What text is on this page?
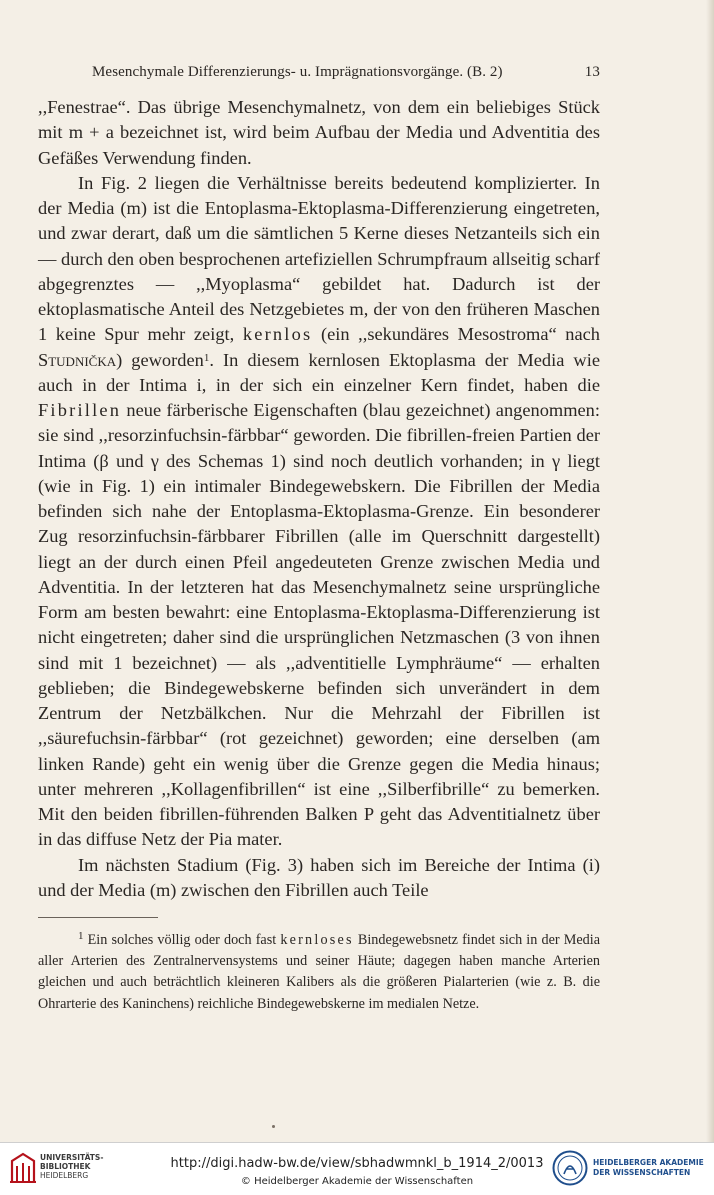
Mesenchymale Differenzierungs- u. Imprägnationsvorgänge. (B. 2)	13

,,Fenestrae“. Das übrige Mesenchymalnetz, von dem ein beliebiges Stück mit m + a bezeichnet ist, wird beim Aufbau der Media und Adventitia des Gefäßes Verwendung finden.

In Fig. 2 liegen die Verhältnisse bereits bedeutend komplizierter. In der Media (m) ist die Entoplasma-Ektoplasma-Differenzierung eingetreten, und zwar derart, daß um die sämtlichen 5 Kerne dieses Netzanteils sich ein — durch den oben besprochenen artefiziellen Schrumpfraum allseitig scharf abgegrenztes — ,,Myoplasma“ gebildet hat. Dadurch ist der ektoplasmatische Anteil des Netzgebietes m, der von den früheren Maschen 1 keine Spur mehr zeigt, kernlos (ein ,,sekundäres Mesostroma“ nach Studnička) geworden$^1$. In diesem kernlosen Ektoplasma der Media wie auch in der Intima i, in der sich ein einzelner Kern findet, haben die Fibrillen neue färberische Eigenschaften (blau gezeichnet) angenommen: sie sind ,,resorzinfuchsin-färbbar“ geworden. Die fibrillen-freien Partien der Intima (β und γ des Schemas 1) sind noch deutlich vorhanden; in γ liegt (wie in Fig. 1) ein intimaler Bindegewebskern. Die Fibrillen der Media befinden sich nahe der Entoplasma-Ektoplasma-Grenze. Ein besonderer Zug resorzinfuchsin-färbbarer Fibrillen (alle im Querschnitt dargestellt) liegt an der durch einen Pfeil angedeuteten Grenze zwischen Media und Adventitia. In der letzteren hat das Mesenchymalnetz seine ursprüngliche Form am besten bewahrt: eine Entoplasma-Ektoplasma-Differenzierung ist nicht eingetreten; daher sind die ursprünglichen Netzmaschen (3 von ihnen sind mit 1 bezeichnet) — als ,,adventitielle Lymphräume“ — erhalten geblieben; die Bindegewebskerne befinden sich unverändert in dem Zentrum der Netzbälkchen. Nur die Mehrzahl der Fibrillen ist ,,säurefuchsin-färbbar“ (rot gezeichnet) geworden; eine derselben (am linken Rande) geht ein wenig über die Grenze gegen die Media hinaus; unter mehreren ,,Kollagenfibrillen“ ist eine ,,Silberfibrille“ zu bemerken. Mit den beiden fibrillen-führenden Balken P geht das Adventitialnetz über in das diffuse Netz der Pia mater.

Im nächsten Stadium (Fig. 3) haben sich im Bereiche der Intima (i) und der Media (m) zwischen den Fibrillen auch Teile

$^1$ Ein solches völlig oder doch fast kernloses Bindegewebsnetz findet sich in der Media aller Arterien des Zentralnervensystems und seiner Häute; dagegen haben manche Arterien gleichen und auch beträchtlich kleineren Kalibers als die größeren Pialarterien (wie z. B. die Ohrarterie des Kaninchens) reichliche Bindegewebskerne im medialen Netze.
UNIVERSITÄTS-
BIBLIOTHEK
HEIDELBERG
http://digi.hadw-bw.de/view/sbhadwmnkl_b_1914_2/0013
© Heidelberger Akademie der Wissenschaften
HEIDELBERGER AKADEMIE
DER WISSENSCHAFTEN
